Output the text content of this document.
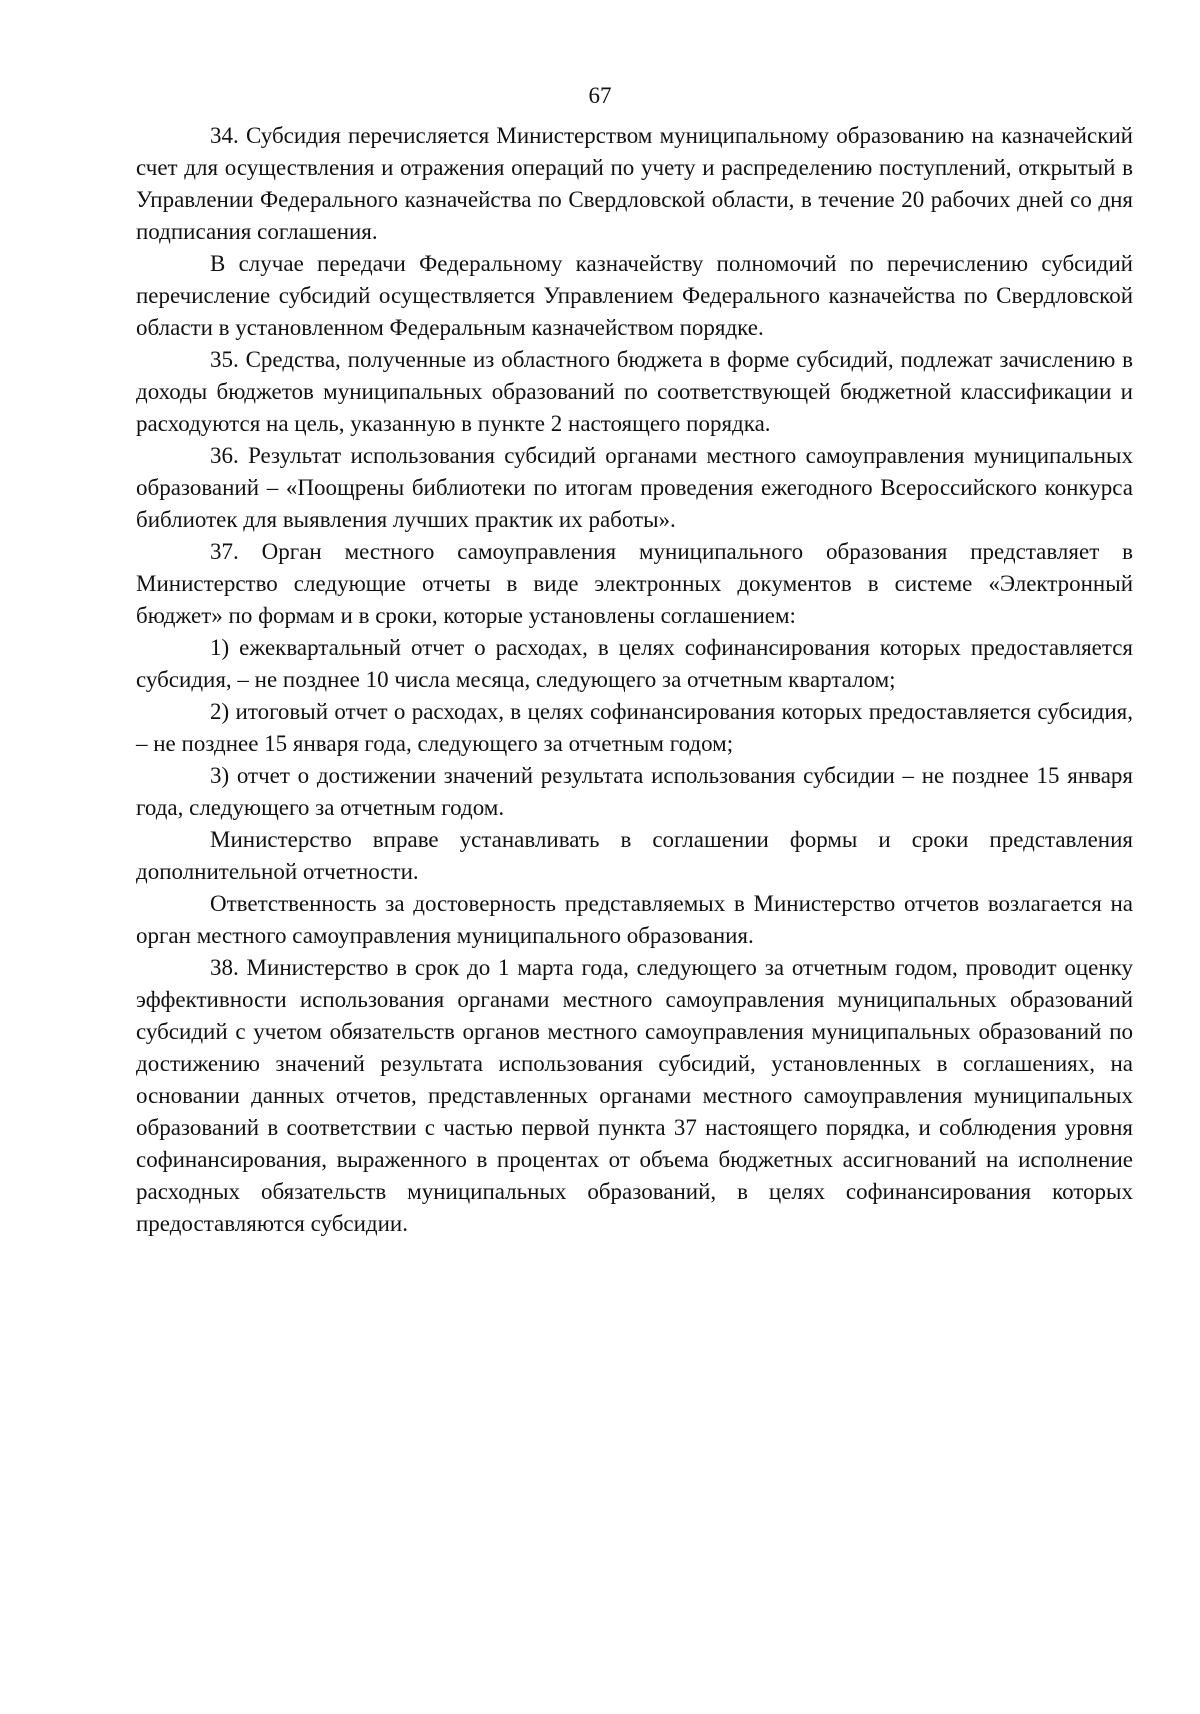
67

34. Субсидия перечисляется Министерством муниципальному образованию на казначейский счет для осуществления и отражения операций по учету и распределению поступлений, открытый в Управлении Федерального казначейства по Свердловской области, в течение 20 рабочих дней со дня подписания соглашения.

В случае передачи Федеральному казначейству полномочий по перечислению субсидий перечисление субсидий осуществляется Управлением Федерального казначейства по Свердловской области в установленном Федеральным казначейством порядке.

35. Средства, полученные из областного бюджета в форме субсидий, подлежат зачислению в доходы бюджетов муниципальных образований по соответствующей бюджетной классификации и расходуются на цель, указанную в пункте 2 настоящего порядка.

36. Результат использования субсидий органами местного самоуправления муниципальных образований – «Поощрены библиотеки по итогам проведения ежегодного Всероссийского конкурса библиотек для выявления лучших практик их работы».

37. Орган местного самоуправления муниципального образования представляет в Министерство следующие отчеты в виде электронных документов в системе «Электронный бюджет» по формам и в сроки, которые установлены соглашением:

1) ежеквартальный отчет о расходах, в целях софинансирования которых предоставляется субсидия, – не позднее 10 числа месяца, следующего за отчетным кварталом;

2) итоговый отчет о расходах, в целях софинансирования которых предоставляется субсидия, – не позднее 15 января года, следующего за отчетным годом;

3) отчет о достижении значений результата использования субсидии – не позднее 15 января года, следующего за отчетным годом.

Министерство вправе устанавливать в соглашении формы и сроки представления дополнительной отчетности.

Ответственность за достоверность представляемых в Министерство отчетов возлагается на орган местного самоуправления муниципального образования.

38. Министерство в срок до 1 марта года, следующего за отчетным годом, проводит оценку эффективности использования органами местного самоуправления муниципальных образований субсидий с учетом обязательств органов местного самоуправления муниципальных образований по достижению значений результата использования субсидий, установленных в соглашениях, на основании данных отчетов, представленных органами местного самоуправления муниципальных образований в соответствии с частью первой пункта 37 настоящего порядка, и соблюдения уровня софинансирования, выраженного в процентах от объема бюджетных ассигнований на исполнение расходных обязательств муниципальных образований, в целях софинансирования которых предоставляются субсидии.
